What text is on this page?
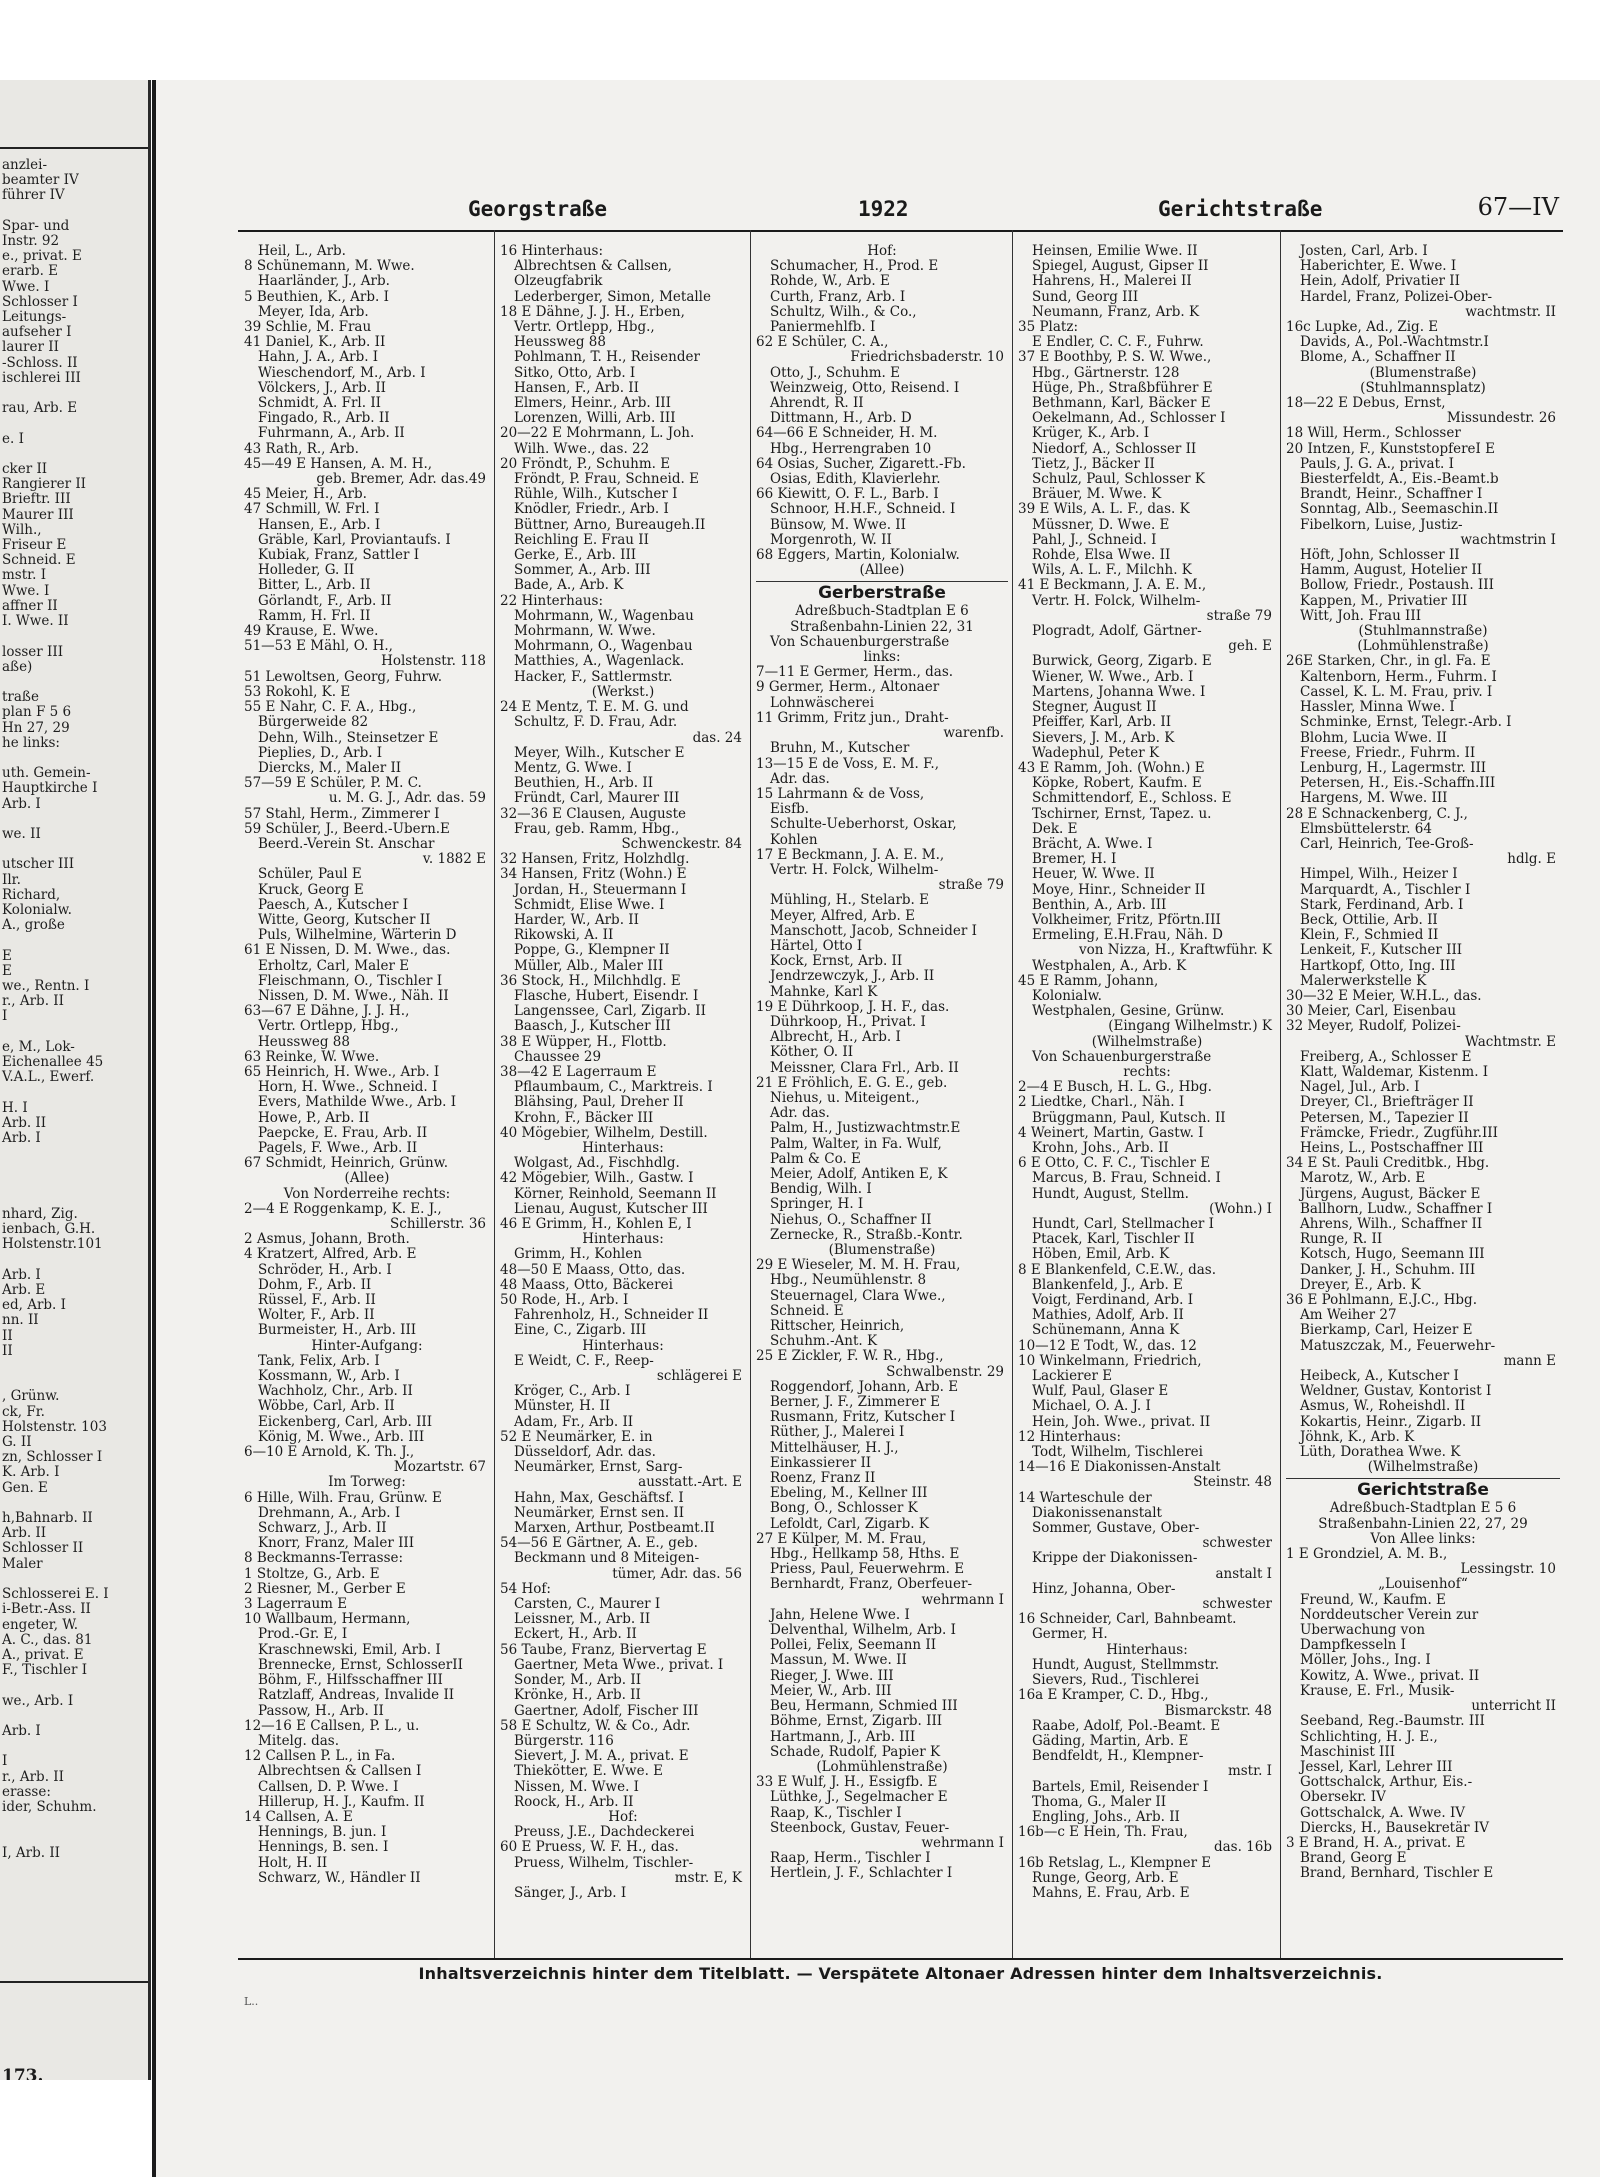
anzlei-
beamter IV
führer IV

Spar- und
Instr. 92
e., privat. E
erarb. E
Wwe. I
Schlosser I
Leitungs-
aufseher I
laurer II
-Schloss. II
ischlerei III

rau, Arb. E

e. I

cker II
Rangierer II
Brieftr. III
Maurer III
Wilh.,
Friseur E
Schneid. E
mstr. I
Wwe. I
affner II
I. Wwe. II

losser III
aße)

traße
plan F 5 6
Hn 27, 29
he links:

uth. Gemein-
Hauptkirche I
Arb. I

we. II

utscher III
Ilr.
Richard,
Kolonialw.
A., große

E
E
we., Rentn. I
r., Arb. II
I

e, M., Lok-
Eichenallee 45
V.A.L., Ewerf.

H. I
Arb. II
Arb. I

nhard, Zig.
ienbach, G.H.
Holstenstr.101

Arb. I
Arb. E
ed, Arb. I
nn. II
II
II

, Grünw.
ck, Fr.
Holstenstr. 103
G. II
zn, Schlosser I
K. Arb. I
Gen. E

h,Bahnarb. II
Arb. II
Schlosser II
Maler

Schlosserei E. I
i-Betr.-Ass. II
engeter, W.
A. C., das. 81
A., privat. E
F., Tischler I

we., Arb. I

Arb. I

I
r., Arb. II
erasse:
ider, Schuhm.

I, Arb. II
173.
Georgstraße	1922	Gerichtstraße	67—IV
Heil, L., Arb.
8 Schünemann, M. Wwe.
Haarländer, J., Arb.
5 Beuthien, K., Arb. I
Meyer, Ida, Arb.
39 Schlie, M. Frau
41 Daniel, K., Arb. II
Hahn, J. A., Arb. I
Wieschendorf, M., Arb. I
Völckers, J., Arb. II
Schmidt, A. Frl. II
Fingado, R., Arb. II
Fuhrmann, A., Arb. II
43 Rath, R., Arb.
45—49 E Hansen, A. M. H.,
geb. Bremer, Adr. das.49
45 Meier, H., Arb.
47 Schmill, W. Frl. I
Hansen, E., Arb. I
Gräble, Karl, Proviantaufs. I
Kubiak, Franz, Sattler I
Holleder, G. II
Bitter, L., Arb. II
Görlandt, F., Arb. II
Ramm, H. Frl. II
49 Krause, E. Wwe.
51—53 E Mähl, O. H.,
Holstenstr. 118
51 Lewoltsen, Georg, Fuhrw.
53 Rokohl, K. E
55 E Nahr, C. F. A., Hbg.,
Bürgerweide 82
Dehn, Wilh., Steinsetzer E
Pieplies, D., Arb. I
Diercks, M., Maler II
57—59 E Schüler, P. M. C.
u. M. G. J., Adr. das. 59
57 Stahl, Herm., Zimmerer I
59 Schüler, J., Beerd.-Übern.E
Beerd.-Verein St. Anschar
v. 1882 E
Schüler, Paul E
Kruck, Georg E
Paesch, A., Kutscher I
Witte, Georg, Kutscher II
Puls, Wilhelmine, Wärterin D
61 E Nissen, D. M. Wwe., das.
Erholtz, Carl, Maler E
Fleischmann, O., Tischler I
Nissen, D. M. Wwe., Näh. II
63—67 E Dähne, J. J. H.,
Vertr. Ortlepp, Hbg.,
Heussweg 88
63 Reinke, W. Wwe.
65 Heinrich, H. Wwe., Arb. I
Horn, H. Wwe., Schneid. I
Evers, Mathilde Wwe., Arb. I
Howe, P., Arb. II
Paepcke, E. Frau, Arb. II
Pagels, F. Wwe., Arb. II
67 Schmidt, Heinrich, Grünw.
(Allee)
Von Norderreihe rechts:
2—4 E Roggenkamp, K. E. J.,
Schillerstr. 36
2 Asmus, Johann, Broth.
4 Kratzert, Alfred, Arb. E
Schröder, H., Arb. I
Dohm, F., Arb. II
Rüssel, F., Arb. II
Wolter, F., Arb. II
Burmeister, H., Arb. III
Hinter-Aufgang:
Tank, Felix, Arb. I
Kossmann, W., Arb. I
Wachholz, Chr., Arb. II
Wöbbe, Carl, Arb. II
Eickenberg, Carl, Arb. III
König, M. Wwe., Arb. III
6—10 E Arnold, K. Th. J.,
Mozartstr. 67
Im Torweg:
6 Hille, Wilh. Frau, Grünw. E
Drehmann, A., Arb. I
Schwarz, J., Arb. II
Knorr, Franz, Maler III
8 Beckmanns-Terrasse:
1 Stoltze, G., Arb. E
2 Riesner, M., Gerber E
3 Lagerraum E
10 Wallbaum, Hermann,
Prod.-Gr. E, I
Kraschnewski, Emil, Arb. I
Brennecke, Ernst, SchlosserII
Böhm, F., Hilfsschaffner III
Ratzlaff, Andreas, Invalide II
Passow, H., Arb. II
12—16 E Callsen, P. L., u.
Mitelg. das.
12 Callsen P. L., in Fa.
Albrechtsen & Callsen I
Callsen, D. P. Wwe. I
Hillerup, H. J., Kaufm. II
14 Callsen, A. E
Hennings, B. jun. I
Hennings, B. sen. I
Holt, H. II
Schwarz, W., Händler II
16 Hinterhaus:
Albrechtsen & Callsen,
Ölzeugfabrik
Lederberger, Simon, Metalle
18 E Dähne, J. J. H., Erben,
Vertr. Ortlepp, Hbg.,
Heussweg 88
Pohlmann, T. H., Reisender
Sitko, Otto, Arb. I
Hansen, F., Arb. II
Elmers, Heinr., Arb. III
Lorenzen, Willi, Arb. III
20—22 E Mohrmann, L. Joh.
Wilh. Wwe., das. 22
20 Fröndt, P., Schuhm. E
Fröndt, P. Frau, Schneid. E
Rühle, Wilh., Kutscher I
Knödler, Friedr., Arb. I
Büttner, Arno, Bureaugeh.II
Reichling E. Frau II
Gerke, E., Arb. III
Sommer, A., Arb. III
Bade, A., Arb. K
22 Hinterhaus:
Mohrmann, W., Wagenbau
Mohrmann, W. Wwe.
Mohrmann, O., Wagenbau
Matthies, A., Wagenlack.
Hacker, F., Sattlermstr.
(Werkst.)
24 E Mentz, T. E. M. G. und
Schultz, F. D. Frau, Adr.
das. 24
Meyer, Wilh., Kutscher E
Mentz, G. Wwe. I
Beuthien, H., Arb. II
Fründt, Carl, Maurer III
32—36 E Clausen, Auguste
Frau, geb. Ramm, Hbg.,
Schwenckestr. 84
32 Hansen, Fritz, Holzhdlg.
34 Hansen, Fritz (Wohn.) E
Jordan, H., Steuermann I
Schmidt, Elise Wwe. I
Harder, W., Arb. II
Rikowski, A. II
Poppe, G., Klempner II
Müller, Alb., Maler III
36 Stock, H., Milchhdlg. E
Flasche, Hubert, Eisendr. I
Langenssee, Carl, Zigarb. II
Baasch, J., Kutscher III
38 E Wüpper, H., Flottb.
Chaussee 29
38—42 E Lagerraum E
Pflaumbaum, C., Marktreis. I
Blähsing, Paul, Dreher II
Krohn, F., Bäcker III
40 Mögebier, Wilhelm, Destill.
Hinterhaus:
Wolgast, Ad., Fischhdlg.
42 Mögebier, Wilh., Gastw. I
Körner, Reinhold, Seemann II
Lienau, August, Kutscher III
46 E Grimm, H., Kohlen E, I
Hinterhaus:
Grimm, H., Kohlen
48—50 E Maass, Otto, das.
48 Maass, Otto, Bäckerei
50 Rode, H., Arb. I
Fahrenholz, H., Schneider II
Eine, C., Zigarb. III
Hinterhaus:
E Weidt, C. F., Reep-
schlägerei E
Kröger, C., Arb. I
Münster, H. II
Adam, Fr., Arb. II
52 E Neumärker, E. in
Düsseldorf, Adr. das.
Neumärker, Ernst, Sarg-
ausstatt.-Art. E
Hahn, Max, Geschäftsf. I
Neumärker, Ernst sen. II
Marxen, Arthur, Postbeamt.II
54—56 E Gärtner, A. E., geb.
Beckmann und 8 Miteigen-
tümer, Adr. das. 56
54 Hof:
Carsten, C., Maurer I
Leissner, M., Arb. II
Eckert, H., Arb. II
56 Taube, Franz, Biervertag E
Gaertner, Meta Wwe., privat. I
Sonder, M., Arb. II
Krönke, H., Arb. II
Gaertner, Adolf, Fischer III
58 E Schultz, W. & Co., Adr.
Bürgerstr. 116
Sievert, J. M. A., privat. E
Thiekötter, E. Wwe. E
Nissen, M. Wwe. I
Roock, H., Arb. II
Hof:
Preuss, J.E., Dachdeckerei
60 E Pruess, W. F. H., das.
Pruess, Wilhelm, Tischler-
mstr. E, K
Sänger, J., Arb. I
Hof:
Schumacher, H., Prod. E
Rohde, W., Arb. E
Curth, Franz, Arb. I
Schultz, Wilh., & Co.,
Paniermehlfb. I
62 E Schüler, C. A.,
Friedrichsbaderstr. 10
Otto, J., Schuhm. E
Weinzweig, Otto, Reisend. I
Ahrendt, R. II
Dittmann, H., Arb. D
64—66 E Schneider, H. M.
Hbg., Herrengraben 10
64 Osias, Sucher, Zigarett.-Fb.
Osias, Edith, Klavierlehr.
66 Kiewitt, O. F. L., Barb. I
Schnoor, H.H.F., Schneid. I
Bünsow, M. Wwe. II
Morgenroth, W. II
68 Eggers, Martin, Kolonialw.
(Allee)
Gerberstraße
Adreßbuch-Stadtplan E 6
Straßenbahn-Linien 22, 31
Von Schauenburgerstraße
links:
7—11 E Germer, Herm., das.
9 Germer, Herm., Altonaer
Lohnwäscherei
11 Grimm, Fritz jun., Draht-
warenfb.
Bruhn, M., Kutscher
13—15 E de Voss, E. M. F.,
Adr. das.
15 Lahrmann & de Voss,
Eisfb.
Schulte-Ueberhorst, Oskar,
Kohlen
17 E Beckmann, J. A. E. M.,
Vertr. H. Folck, Wilhelm-
straße 79
Mühling, H., Stelarb. E
Meyer, Alfred, Arb. E
Manschott, Jacob, Schneider I
Härtel, Otto I
Kock, Ernst, Arb. II
Jendrzewczyk, J., Arb. II
Mahnke, Karl K
19 E Dührkoop, J. H. F., das.
Dührkoop, H., Privat. I
Albrecht, H., Arb. I
Köther, O. II
Meissner, Clara Frl., Arb. II
21 E Fröhlich, E. G. E., geb.
Niehus, u. Miteigent.,
Adr. das.
Palm, H., Justizwachtmstr.E
Palm, Walter, in Fa. Wulf,
Palm & Co. E
Meier, Adolf, Antiken E, K
Bendig, Wilh. I
Springer, H. I
Niehus, O., Schaffner II
Zernecke, R., Straßb.-Kontr.
(Blumenstraße)
29 E Wieseler, M. M. H. Frau,
Hbg., Neumühlenstr. 8
Steuernagel, Clara Wwe.,
Schneid. E
Rittscher, Heinrich,
Schuhm.-Ant. K
25 E Zickler, F. W. R., Hbg.,
Schwalbenstr. 29
Roggendorf, Johann, Arb. E
Berner, J. F., Zimmerer E
Rusmann, Fritz, Kutscher I
Rüther, J., Malerei I
Mittelhäuser, H. J.,
Einkassierer II
Roenz, Franz II
Ebeling, M., Kellner III
Bong, O., Schlosser K
Lefoldt, Carl, Zigarb. K
27 E Külper, M. M. Frau,
Hbg., Hellkamp 58, Hths. E
Priess, Paul, Feuerwehrm. E
Bernhardt, Franz, Oberfeuer-
wehrmann I
Jahn, Helene Wwe. I
Delventhal, Wilhelm, Arb. I
Pollei, Felix, Seemann II
Massun, M. Wwe. II
Rieger, J. Wwe. III
Meier, W., Arb. III
Beu, Hermann, Schmied III
Böhme, Ernst, Zigarb. III
Hartmann, J., Arb. III
Schade, Rudolf, Papier K
(Lohmühlenstraße)
33 E Wulf, J. H., Essigfb. E
Lüthke, J., Segelmacher E
Raap, K., Tischler I
Steenbock, Gustav, Feuer-
wehrmann I
Raap, Herm., Tischler I
Hertlein, J. F., Schlachter I
Heinsen, Emilie Wwe. II
Spiegel, August, Gipser II
Hahrens, H., Malerei II
Sund, Georg III
Neumann, Franz, Arb. K
35 Platz:
E Endler, C. C. F., Fuhrw.
37 E Boothby, P. S. W. Wwe.,
Hbg., Gärtnerstr. 128
Hüge, Ph., Straßbführer E
Bethmann, Karl, Bäcker E
Oekelmann, Ad., Schlosser I
Krüger, K., Arb. I
Niedorf, A., Schlosser II
Tietz, J., Bäcker II
Schulz, Paul, Schlosser K
Bräuer, M. Wwe. K
39 E Wils, A. L. F., das. K
Müssner, D. Wwe. E
Pahl, J., Schneid. I
Rohde, Elsa Wwe. II
Wils, A. L. F., Milchh. K
41 E Beckmann, J. A. E. M.,
Vertr. H. Folck, Wilhelm-
straße 79
Plogradt, Adolf, Gärtner-
geh. E
Burwick, Georg, Zigarb. E
Wiener, W. Wwe., Arb. I
Martens, Johanna Wwe. I
Stegner, August II
Pfeiffer, Karl, Arb. II
Sievers, J. M., Arb. K
Wadephul, Peter K
43 E Ramm, Joh. (Wohn.) E
Köpke, Robert, Kaufm. E
Schmittendorf, E., Schloss. E
Tschirner, Ernst, Tapez. u.
Dek. E
Brächt, A. Wwe. I
Bremer, H. I
Heuer, W. Wwe. II
Moye, Hinr., Schneider II
Benthin, A., Arb. III
Volkheimer, Fritz, Pförtn.III
Ermeling, E.H.Frau, Näh. D
von Nizza, H., Kraftwführ. K
Westphalen, A., Arb. K
45 E Ramm, Johann,
Kolonialw.
Westphalen, Gesine, Grünw.
(Eingang Wilhelmstr.) K
(Wilhelmstraße)
Von Schauenburgerstraße
rechts:
2—4 E Busch, H. L. G., Hbg.
2 Liedtke, Charl., Näh. I
Brüggmann, Paul, Kutsch. II
4 Weinert, Martin, Gastw. I
Krohn, Johs., Arb. II
6 E Otto, C. F. C., Tischler E
Marcus, B. Frau, Schneid. I
Hundt, August, Stellm.
(Wohn.) I
Hundt, Carl, Stellmacher I
Ptacek, Karl, Tischler II
Höben, Emil, Arb. K
8 E Blankenfeld, C.E.W., das.
Blankenfeld, J., Arb. E
Voigt, Ferdinand, Arb. I
Mathies, Adolf, Arb. II
Schünemann, Anna K
10—12 E Todt, W., das. 12
10 Winkelmann, Friedrich,
Lackierer E
Wulf, Paul, Glaser E
Michael, O. A. J. I
Hein, Joh. Wwe., privat. II
12 Hinterhaus:
Todt, Wilhelm, Tischlerei
14—16 E Diakonissen-Anstalt
Steinstr. 48
14 Warteschule der
Diakonissenanstalt
Sommer, Gustave, Ober-
schwester
Krippe der Diakonissen-
anstalt I
Hinz, Johanna, Ober-
schwester
16 Schneider, Carl, Bahnbeamt.
Germer, H.
Hinterhaus:
Hundt, August, Stellmmstr.
Sievers, Rud., Tischlerei
16a E Kramper, C. D., Hbg.,
Bismarckstr. 48
Raabe, Adolf, Pol.-Beamt. E
Gäding, Martin, Arb. E
Bendfeldt, H., Klempner-
mstr. I
Bartels, Emil, Reisender I
Thoma, G., Maler II
Engling, Johs., Arb. II
16b—c E Hein, Th. Frau,
das. 16b
16b Retslag, L., Klempner E
Runge, Georg, Arb. E
Mahns, E. Frau, Arb. E
Josten, Carl, Arb. I
Haberichter, E. Wwe. I
Hein, Adolf, Privatier II
Hardel, Franz, Polizei-Ober-
wachtmstr. II
16c Lupke, Ad., Zig. E
Davids, A., Pol.-Wachtmstr.I
Blome, A., Schaffner II
(Blumenstraße)
(Stuhlmannsplatz)
18—22 E Debus, Ernst,
Missundestr. 26
18 Will, Herm., Schlosser
20 Intzen, F., KunststopfereI E
Pauls, J. G. A., privat. I
Biesterfeldt, A., Eis.-Beamt.b
Brandt, Heinr., Schaffner I
Sonntag, Alb., Seemaschin.II
Fibelkorn, Luise, Justiz-
wachtmstrin I
Höft, John, Schlosser II
Hamm, August, Hotelier II
Bollow, Friedr., Postaush. III
Kappen, M., Privatier III
Witt, Joh. Frau III
(Stuhlmannstraße)
(Lohmühlenstraße)
26E Starken, Chr., in gl. Fa. E
Kaltenborn, Herm., Fuhrm. I
Cassel, K. L. M. Frau, priv. I
Hassler, Minna Wwe. I
Schminke, Ernst, Telegr.-Arb. I
Blohm, Lucia Wwe. II
Freese, Friedr., Fuhrm. II
Lenburg, H., Lagermstr. III
Petersen, H., Eis.-Schaffn.III
Hargens, M. Wwe. III
28 E Schnackenberg, C. J.,
Elmsbüttelerstr. 64
Carl, Heinrich, Tee-Groß-
hdlg. E
Himpel, Wilh., Heizer I
Marquardt, A., Tischler I
Stark, Ferdinand, Arb. I
Beck, Ottilie, Arb. II
Klein, F., Schmied II
Lenkeit, F., Kutscher III
Hartkopf, Otto, Ing. III
Malerwerkstelle K
30—32 E Meier, W.H.L., das.
30 Meier, Carl, Eisenbau
32 Meyer, Rudolf, Polizei-
Wachtmstr. E
Freiberg, A., Schlosser E
Klatt, Waldemar, Kistenm. I
Nagel, Jul., Arb. I
Dreyer, Cl., Briefträger II
Petersen, M., Tapezier II
Främcke, Friedr., Zugführ.III
Heins, L., Postschaffner III
34 E St. Pauli Creditbk., Hbg.
Marotz, W., Arb. E
Jürgens, August, Bäcker E
Ballhorn, Ludw., Schaffner I
Ahrens, Wilh., Schaffner II
Runge, R. II
Kotsch, Hugo, Seemann III
Danker, J. H., Schuhm. III
Dreyer, E., Arb. K
36 E Pohlmann, E.J.C., Hbg.
Am Weiher 27
Bierkamp, Carl, Heizer E
Matuszczak, M., Feuerwehr-
mann E
Heibeck, A., Kutscher I
Weldner, Gustav, Kontorist I
Asmus, W., Roheishdl. II
Kokartis, Heinr., Zigarb. II
Jöhnk, K., Arb. K
Lüth, Dorathea Wwe. K
(Wilhelmstraße)
Gerichtstraße
Adreßbuch-Stadtplan E 5 6
Straßenbahn-Linien 22, 27, 29
Von Allee links:
1 E Grondziel, A. M. B.,
Lessingstr. 10
„Louisenhof“
Freund, W., Kaufm. E
Norddeutscher Verein zur
Überwachung von
Dampfkesseln I
Möller, Johs., Ing. I
Kowitz, A. Wwe., privat. II
Krause, E. Frl., Musik-
unterricht II
Seeband, Reg.-Baumstr. III
Schlichting, H. J. E.,
Maschinist III
Jessel, Karl, Lehrer III
Gottschalck, Arthur, Eis.-
Obersekr. IV
Gottschalck, A. Wwe. IV
Diercks, H., Bausekretär IV
3 E Brand, H. A., privat. E
Brand, Georg E
Brand, Bernhard, Tischler E
Inhaltsverzeichnis hinter dem Titelblatt. — Verspätete Altonaer Adressen hinter dem Inhaltsverzeichnis.
L..
